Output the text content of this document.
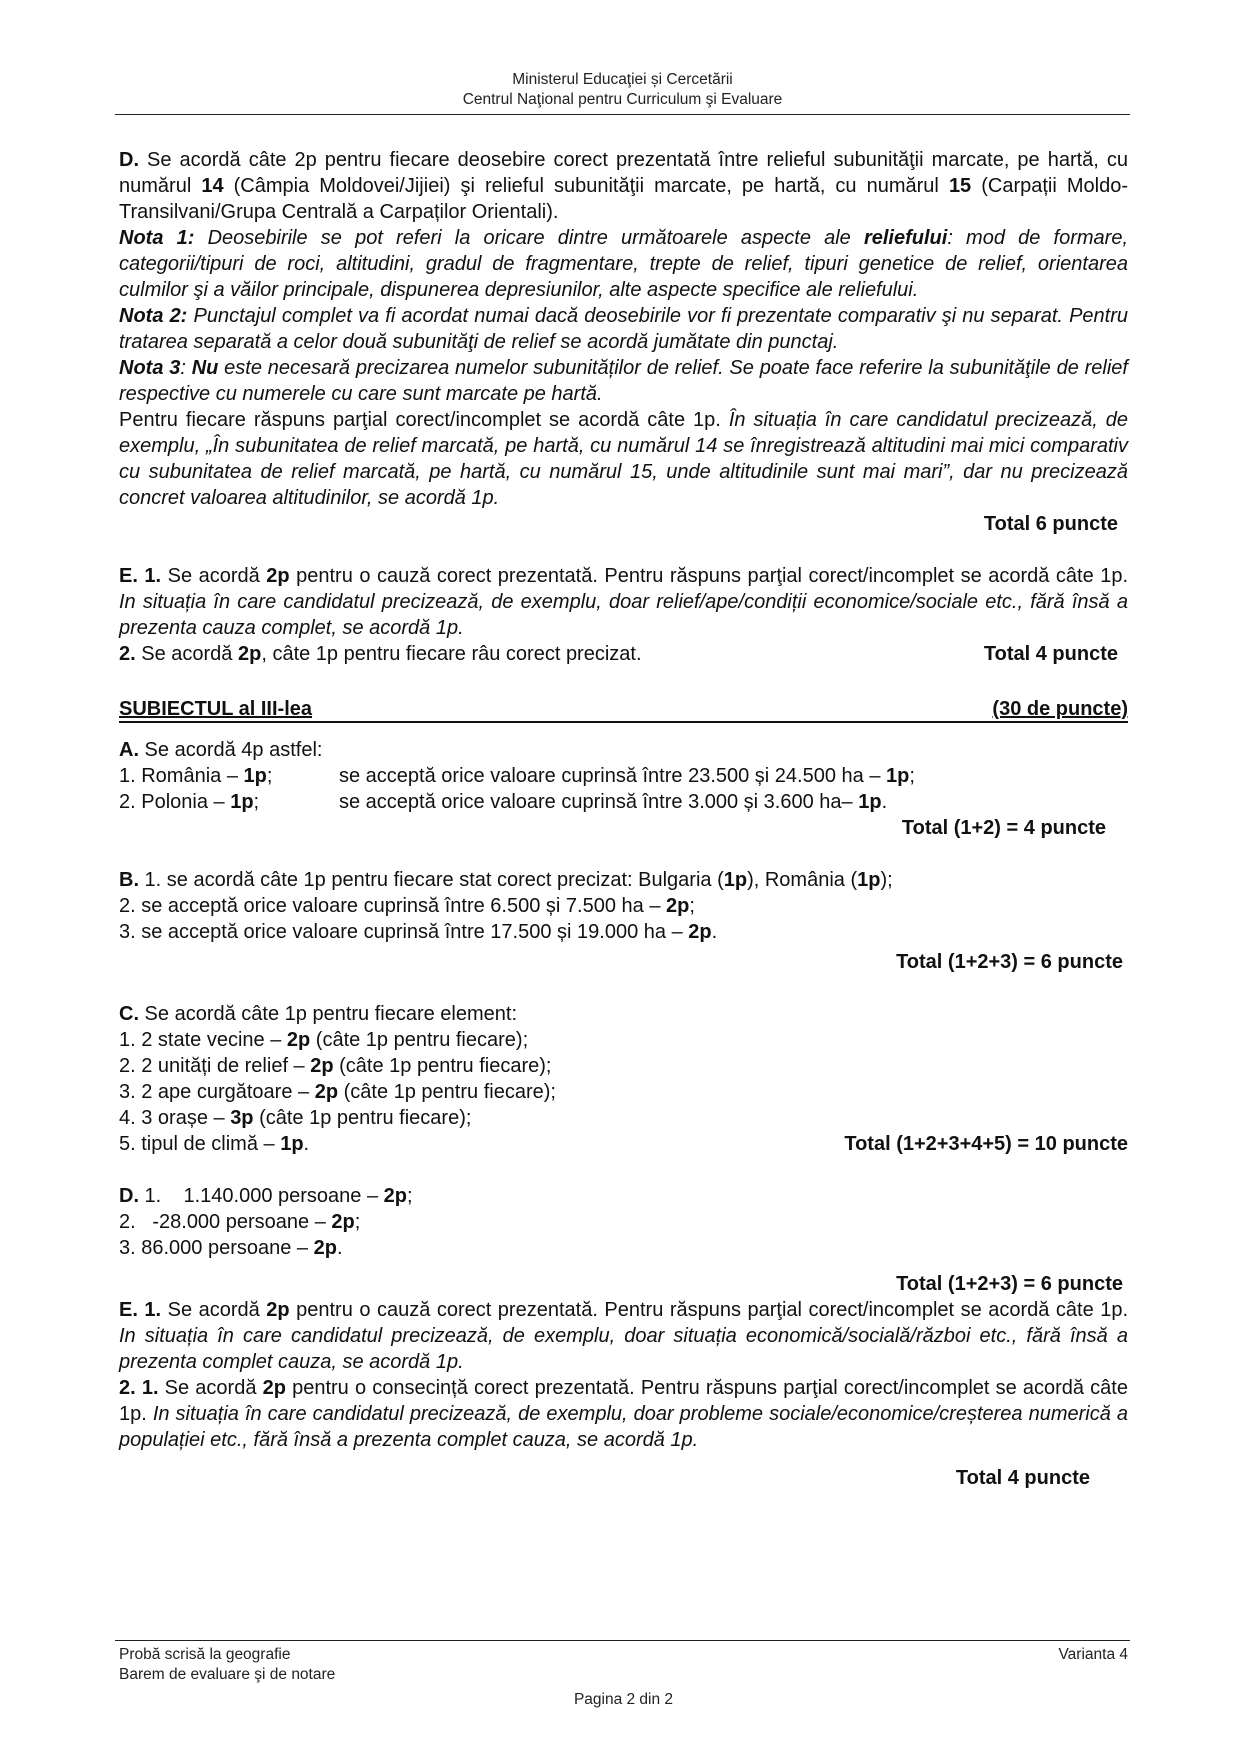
Ministerul Educaţiei și Cercetării
Centrul Naţional pentru Curriculum şi Evaluare

D. Se acordă câte 2p pentru fiecare deosebire corect prezentată între relieful subunităţii marcate, pe hartă, cu numărul 14 (Câmpia Moldovei/Jijiei) şi relieful subunităţii marcate, pe hartă, cu numărul 15 (Carpații Moldo-Transilvani/Grupa Centrală a Carpaților Orientali).

Nota 1: Deosebirile se pot referi la oricare dintre următoarele aspecte ale reliefului: mod de formare, categorii/tipuri de roci, altitudini, gradul de fragmentare, trepte de relief, tipuri genetice de relief, orientarea culmilor şi a văilor principale, dispunerea depresiunilor, alte aspecte specifice ale reliefului.

Nota 2: Punctajul complet va fi acordat numai dacă deosebirile vor fi prezentate comparativ şi nu separat. Pentru tratarea separată a celor două subunităţi de relief se acordă jumătate din punctaj.

Nota 3: Nu este necesară precizarea numelor subunităților de relief. Se poate face referire la subunităţile de relief respective cu numerele cu care sunt marcate pe hartă.

Pentru fiecare răspuns parţial corect/incomplet se acordă câte 1p. În situația în care candidatul precizează, de exemplu, „În subunitatea de relief marcată, pe hartă, cu numărul 14 se înregistrează altitudini mai mici comparativ cu subunitatea de relief marcată, pe hartă, cu numărul 15, unde altitudinile sunt mai mari”, dar nu precizează concret valoarea altitudinilor, se acordă 1p.

Total 6 puncte

E. 1. Se acordă 2p pentru o cauză corect prezentată. Pentru răspuns parţial corect/incomplet se acordă câte 1p. In situația în care candidatul precizează, de exemplu, doar relief/ape/condiții economice/sociale etc., fără însă a prezenta cauza complet, se acordă 1p.

2. Se acordă 2p, câte 1p pentru fiecare râu corect precizat.	Total 4 puncte
SUBIECTUL al III-lea	(30 de puncte)

A. Se acordă 4p astfel:

1. România – 1p;	se acceptă orice valoare cuprinsă între 23.500 și 24.500 ha – 1p;
2. Polonia – 1p;	se acceptă orice valoare cuprinsă între 3.000 și 3.600 ha– 1p.

Total (1+2) = 4 puncte

B. 1. se acordă câte 1p pentru fiecare stat corect precizat: Bulgaria (1p), România (1p);

2. se acceptă orice valoare cuprinsă între 6.500 și 7.500 ha – 2p;

3. se acceptă orice valoare cuprinsă între 17.500 și 19.000 ha – 2p.

Total (1+2+3) = 6 puncte

C. Se acordă câte 1p pentru fiecare element:

1. 2 state vecine – 2p (câte 1p pentru fiecare);

2. 2 unități de relief – 2p (câte 1p pentru fiecare);

3. 2 ape curgătoare – 2p (câte 1p pentru fiecare);

4. 3 orașe – 3p (câte 1p pentru fiecare);

5. tipul de climă – 1p.	Total (1+2+3+4+5) = 10 puncte

D. 1.    1.140.000 persoane – 2p;

2.   -28.000 persoane – 2p;

3. 86.000 persoane – 2p.

Total (1+2+3) = 6 puncte

E. 1. Se acordă 2p pentru o cauză corect prezentată. Pentru răspuns parţial corect/incomplet se acordă câte 1p. In situația în care candidatul precizează, de exemplu, doar situația economică/socială/război etc., fără însă a prezenta complet cauza, se acordă 1p.

2. 1. Se acordă 2p pentru o consecință corect prezentată. Pentru răspuns parţial corect/incomplet se acordă câte 1p. In situația în care candidatul precizează, de exemplu, doar probleme sociale/economice/creșterea numerică a populației etc., fără însă a prezenta complet cauza, se acordă 1p.

Total 4 puncte

Probă scrisă la geografie
Barem de evaluare şi de notare
Varianta 4
Pagina 2 din 2
